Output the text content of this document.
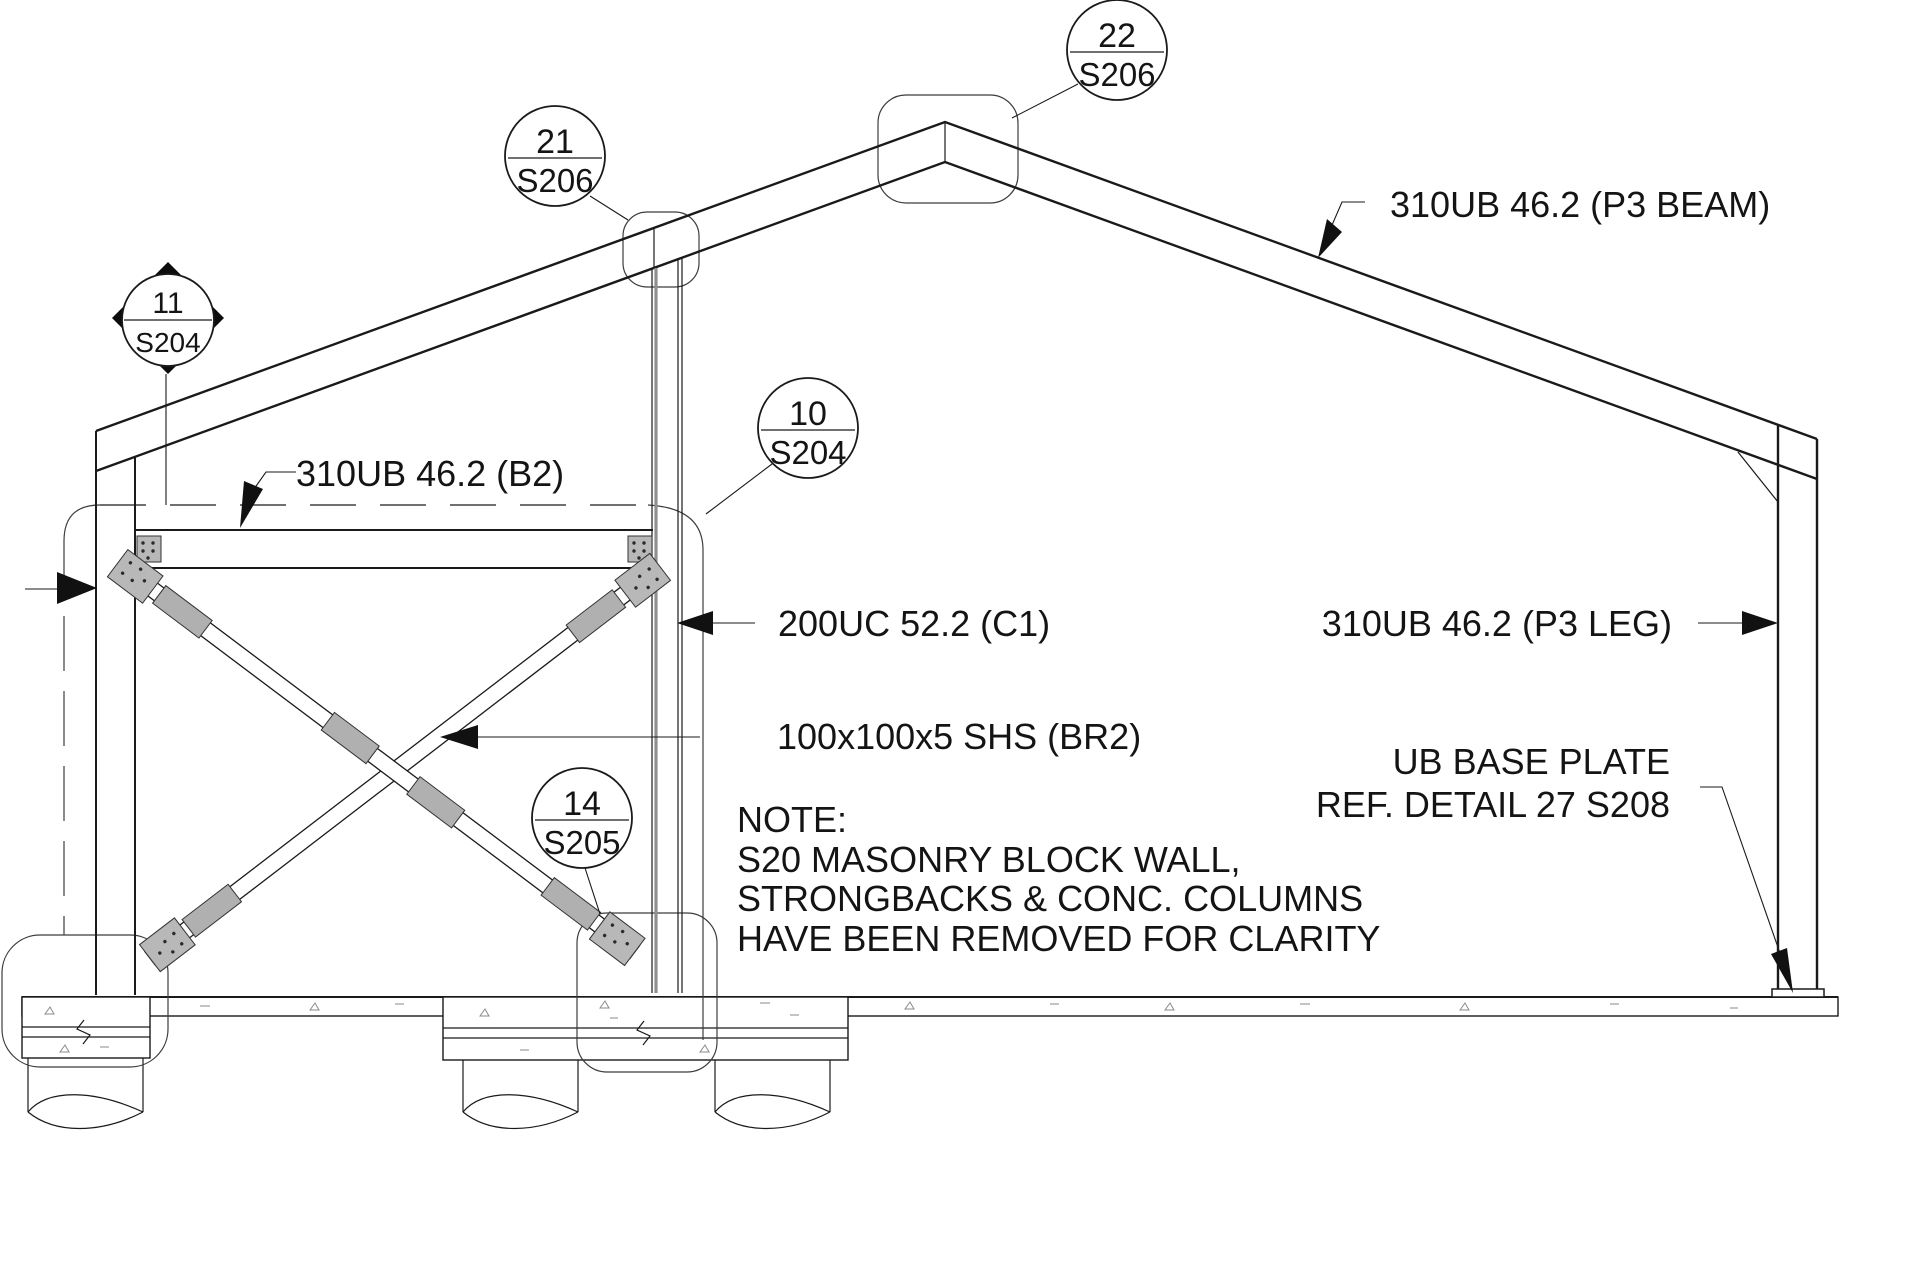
11
S204
22
S206
21
S206
10
S204
14
S205
310UB 46.2 (P3 BEAM)
310UB 46.2 (B2)
200UC 52.2 (C1)	310UB 46.2 (P3 LEG)
100x100x5 SHS (BR2)
UB BASE PLATE
REF. DETAIL 27 S208
NOTE:
S20 MASONRY BLOCK WALL,
STRONGBACKS & CONC. COLUMNS
HAVE BEEN REMOVED FOR CLARITY
